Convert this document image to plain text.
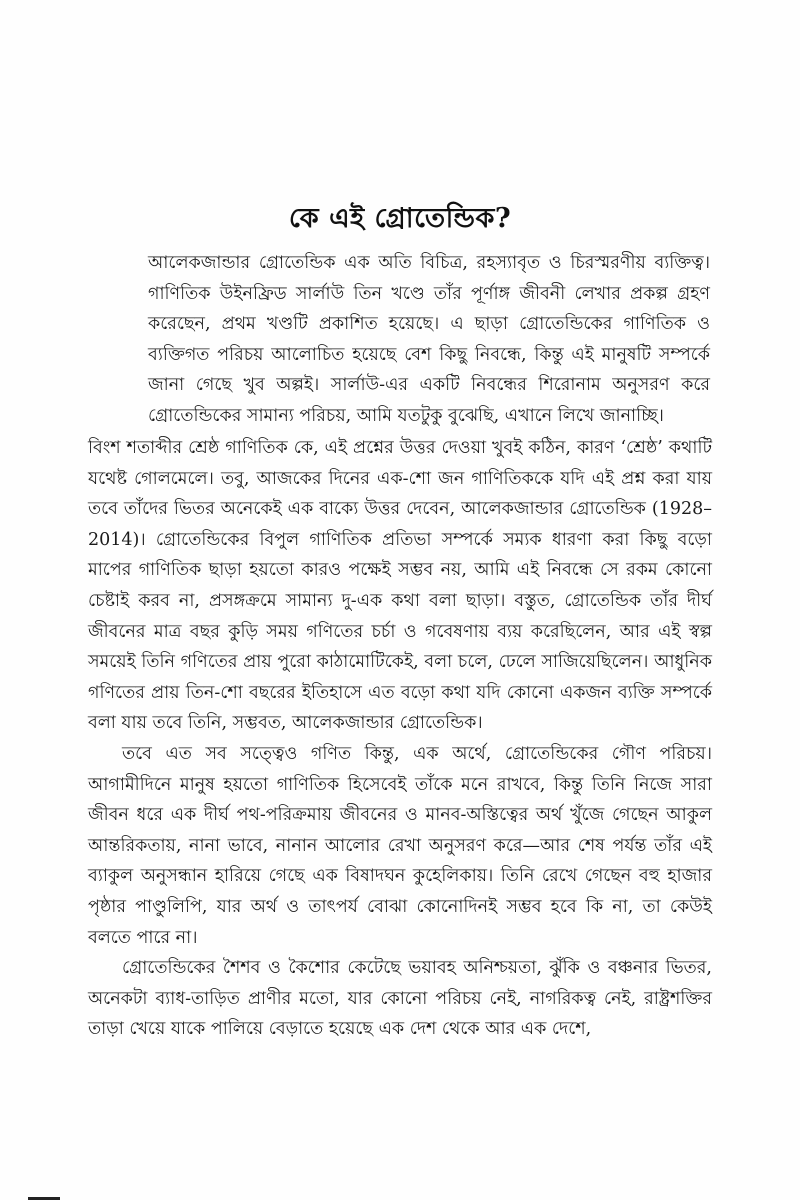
কে এই গ্রোতেন্ডিক?

আলেকজান্ডার গ্রোতেন্ডিক এক অতি বিচিত্র, রহস্যাবৃত ও চিরস্মরণীয় ব্যক্তিত্ব। গাণিতিক উইনফ্রিড সার্লাউ তিন খণ্ডে তাঁর পূর্ণাঙ্গ জীবনী লেখার প্রকল্প গ্রহণ করেছেন, প্রথম খণ্ডটি প্রকাশিত হয়েছে। এ ছাড়া গ্রোতেন্ডিকের গাণিতিক ও ব্যক্তিগত পরিচয় আলোচিত হয়েছে বেশ কিছু নিবন্ধে, কিন্তু এই মানুষটি সম্পর্কে জানা গেছে খুব অল্পই। সার্লাউ-এর একটি নিবন্ধের শিরোনাম অনুসরণ করে গ্রোতেন্ডিকের সামান্য পরিচয়, আমি যতটুকু বুঝেছি, এখানে লিখে জানাচ্ছি।

বিংশ শতাব্দীর শ্রেষ্ঠ গাণিতিক কে, এই প্রশ্নের উত্তর দেওয়া খুবই কঠিন, কারণ ‘শ্রেষ্ঠ’ কথাটি যথেষ্ট গোলমেলে। তবু, আজকের দিনের এক-শো জন গাণিতিককে যদি এই প্রশ্ন করা যায় তবে তাঁদের ভিতর অনেকেই এক বাক্যে উত্তর দেবেন, আলেকজান্ডার গ্রোতেন্ডিক (1928–2014)। গ্রোতেন্ডিকের বিপুল গাণিতিক প্রতিভা সম্পর্কে সম্যক ধারণা করা কিছু বড়ো মাপের গাণিতিক ছাড়া হয়তো কারও পক্ষেই সম্ভব নয়, আমি এই নিবন্ধে সে রকম কোনো চেষ্টাই করব না, প্রসঙ্গক্রমে সামান্য দু-এক কথা বলা ছাড়া। বস্তুত, গ্রোতেন্ডিক তাঁর দীর্ঘ জীবনের মাত্র বছর কুড়ি সময় গণিতের চর্চা ও গবেষণায় ব্যয় করেছিলেন, আর এই স্বল্প সময়েই তিনি গণিতের প্রায় পুরো কাঠামোটিকেই, বলা চলে, ঢেলে সাজিয়েছিলেন। আধুনিক গণিতের প্রায় তিন-শো বছরের ইতিহাসে এত বড়ো কথা যদি কোনো একজন ব্যক্তি সম্পর্কে বলা যায় তবে তিনি, সম্ভবত, আলেকজান্ডার গ্রোতেন্ডিক।

তবে এত সব সত্ত্বেও গণিত কিন্তু, এক অর্থে, গ্রোতেন্ডিকের গৌণ পরিচয়। আগামীদিনে মানুষ হয়তো গাণিতিক হিসেবেই তাঁকে মনে রাখবে, কিন্তু তিনি নিজে সারা জীবন ধরে এক দীর্ঘ পথ-পরিক্রমায় জীবনের ও মানব-অস্তিত্বের অর্থ খুঁজে গেছেন আকুল আন্তরিকতায়, নানা ভাবে, নানান আলোর রেখা অনুসরণ করে—আর শেষ পর্যন্ত তাঁর এই ব্যাকুল অনুসন্ধান হারিয়ে গেছে এক বিষাদঘন কুহেলিকায়। তিনি রেখে গেছেন বহু হাজার পৃষ্ঠার পাণ্ডুলিপি, যার অর্থ ও তাৎপর্য বোঝা কোনোদিনই সম্ভব হবে কি না, তা কেউই বলতে পারে না।

গ্রোতেন্ডিকের শৈশব ও কৈশোর কেটেছে ভয়াবহ অনিশ্চয়তা, ঝুঁকি ও বঞ্চনার ভিতর, অনেকটা ব্যাধ-তাড়িত প্রাণীর মতো, যার কোনো পরিচয় নেই, নাগরিকত্ব নেই, রাষ্ট্রশক্তির তাড়া খেয়ে যাকে পালিয়ে বেড়াতে হয়েছে এক দেশ থেকে আর এক দেশে,
